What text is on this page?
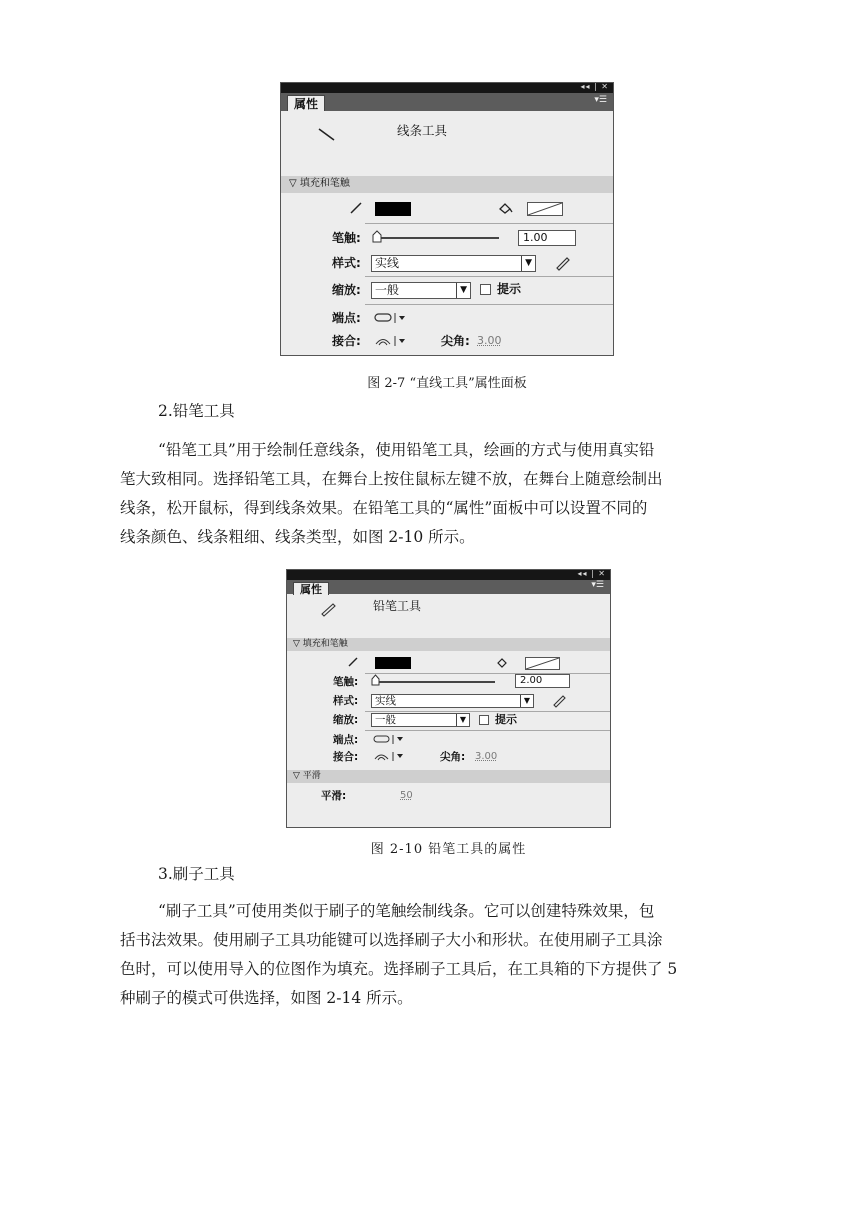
◂◂ | ✕
属性	▾☰
线条工具
▽ 填充和笔触
笔触:	1.00
样式:	实线	▼
缩放:	一般	▼	提示
端点:
接合:	尖角: 3.00
图 2-7 “直线工具”属性面板
2.铅笔工具
“铅笔工具”用于绘制任意线条，使用铅笔工具，绘画的方式与使用真实铅
笔大致相同。选择铅笔工具，在舞台上按住鼠标左键不放，在舞台上随意绘制出
线条，松开鼠标，得到线条效果。在铅笔工具的“属性”面板中可以设置不同的
线条颜色、线条粗细、线条类型，如图 2-10 所示。
◂◂ | ✕
属性	▾☰
铅笔工具
▽ 填充和笔触
笔触:	2.00
样式:	实线	▼
缩放:	一般	▼	提示
端点:
接合:	尖角: 3.00
▽ 平滑
平滑:	50
图 2-10 铅笔工具的属性
3.刷子工具
“刷子工具”可使用类似于刷子的笔触绘制线条。它可以创建特殊效果，包
括书法效果。使用刷子工具功能键可以选择刷子大小和形状。在使用刷子工具涂
色时，可以使用导入的位图作为填充。选择刷子工具后，在工具箱的下方提供了 5
种刷子的模式可供选择，如图 2-14 所示。
